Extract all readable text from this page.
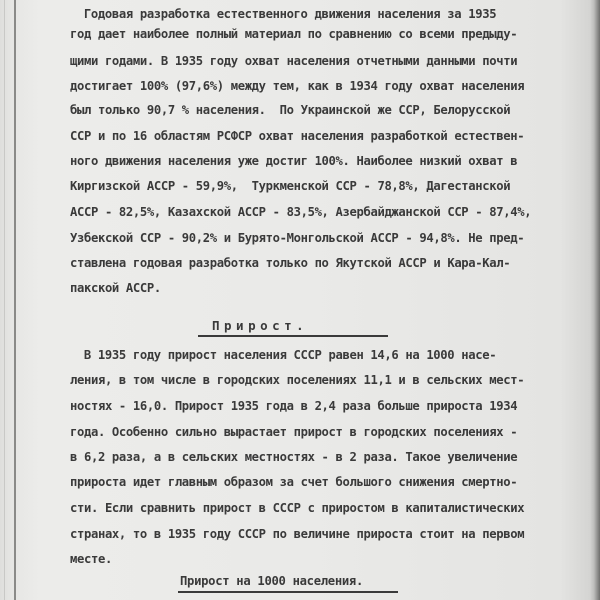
Годовая разработка естественного движения населения за 1935

год дает наиболее полный материал по сравнению со всеми предыду-

щими годами. В 1935 году охват населения отчетными данными почти

достигает 100% (97,6%) между тем, как в 1934 году охват населения

был только 90,7 % населения.  По Украинской же ССР, Белорусской

ССР и по 16 областям РСФСР охват населения разработкой естествен-

ного движения населения уже достиг 100%. Наиболее низкий охват в

Киргизской АССР - 59,9%,  Туркменской ССР - 78,8%, Дагестанской

АССР - 82,5%, Казахской АССР - 83,5%, Азербайджанской ССР - 87,4%,

Узбекской ССР - 90,2% и Бурято-Монгольской АССР - 94,8%. Не пред-

ставлена годовая разработка только по Якутской АССР и Кара-Кал-

пакской АССР.

Прирост.

В 1935 году прирост населения СССР равен 14,6 на 1000 насе-

ления, в том числе в городских поселениях 11,1 и в сельских мест-

ностях - 16,0. Прирост 1935 года в 2,4 раза больше прироста 1934

года. Особенно сильно вырастает прирост в городских поселениях -

в 6,2 раза, а в сельских местностях - в 2 раза. Такое увеличение

прироста идет главным образом за счет большого снижения смертно-

сти. Если сравнить прирост в СССР с приростом в капиталистических

странах, то в 1935 году СССР по величине прироста стоит на первом

месте.

Прирост на 1000 населения.
